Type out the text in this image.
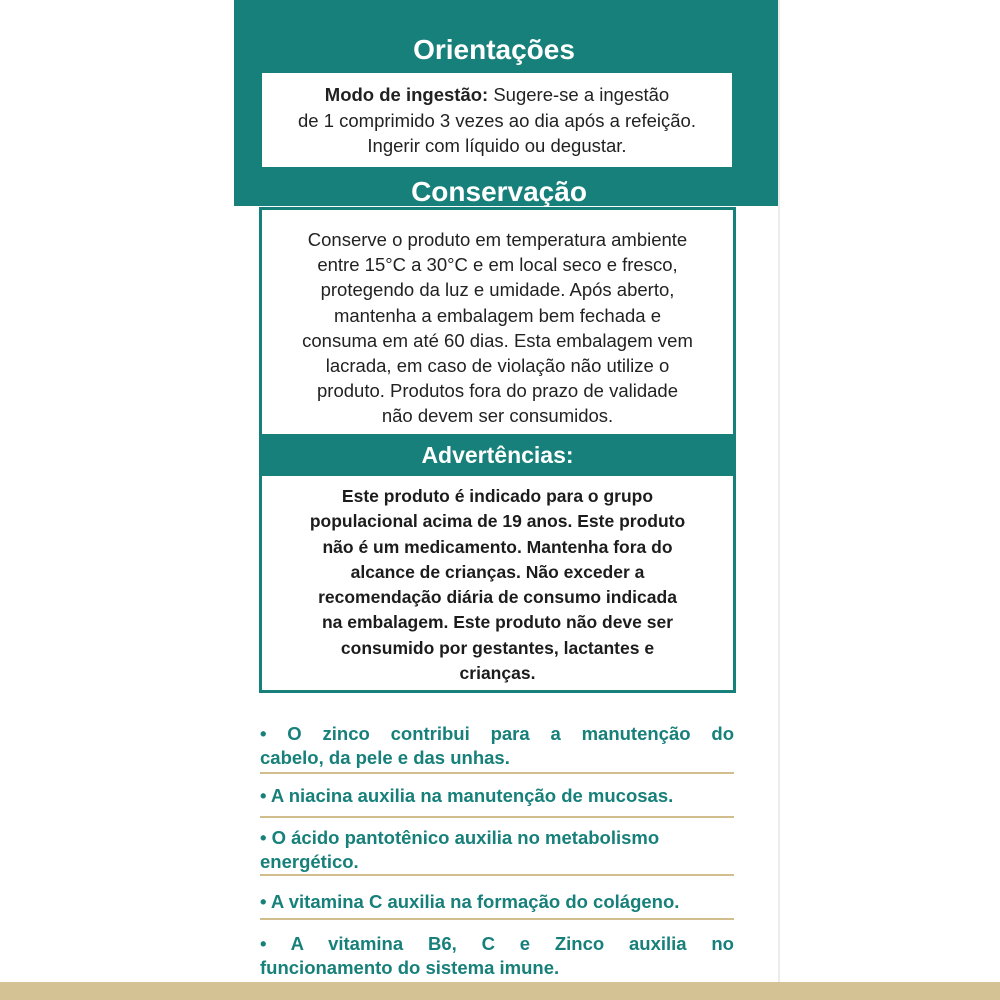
Orientações
Modo de ingestão: Sugere-se a ingestão
de 1 comprimido 3 vezes ao dia após a refeição.
Ingerir com líquido ou degustar.
Conservação
Conserve o produto em temperatura ambiente
entre 15°C a 30°C e em local seco e fresco,
protegendo da luz e umidade. Após aberto,
mantenha a embalagem bem fechada e
consuma em até 60 dias. Esta embalagem vem
lacrada, em caso de violação não utilize o
produto. Produtos fora do prazo de validade
não devem ser consumidos.
Advertências:
Este produto é indicado para o grupo
populacional acima de 19 anos. Este produto
não é um medicamento. Mantenha fora do
alcance de crianças. Não exceder a
recomendação diária de consumo indicada
na embalagem. Este produto não deve ser
consumido por gestantes, lactantes e
crianças.
• O zinco contribui para a manutenção do
cabelo, da pele e das unhas.
• A niacina auxilia na manutenção de mucosas.
• O ácido pantotênico auxilia no metabolismo
energético.
• A vitamina C auxilia na formação do colágeno.
• A vitamina B6, C e Zinco auxilia no
funcionamento do sistema imune.
